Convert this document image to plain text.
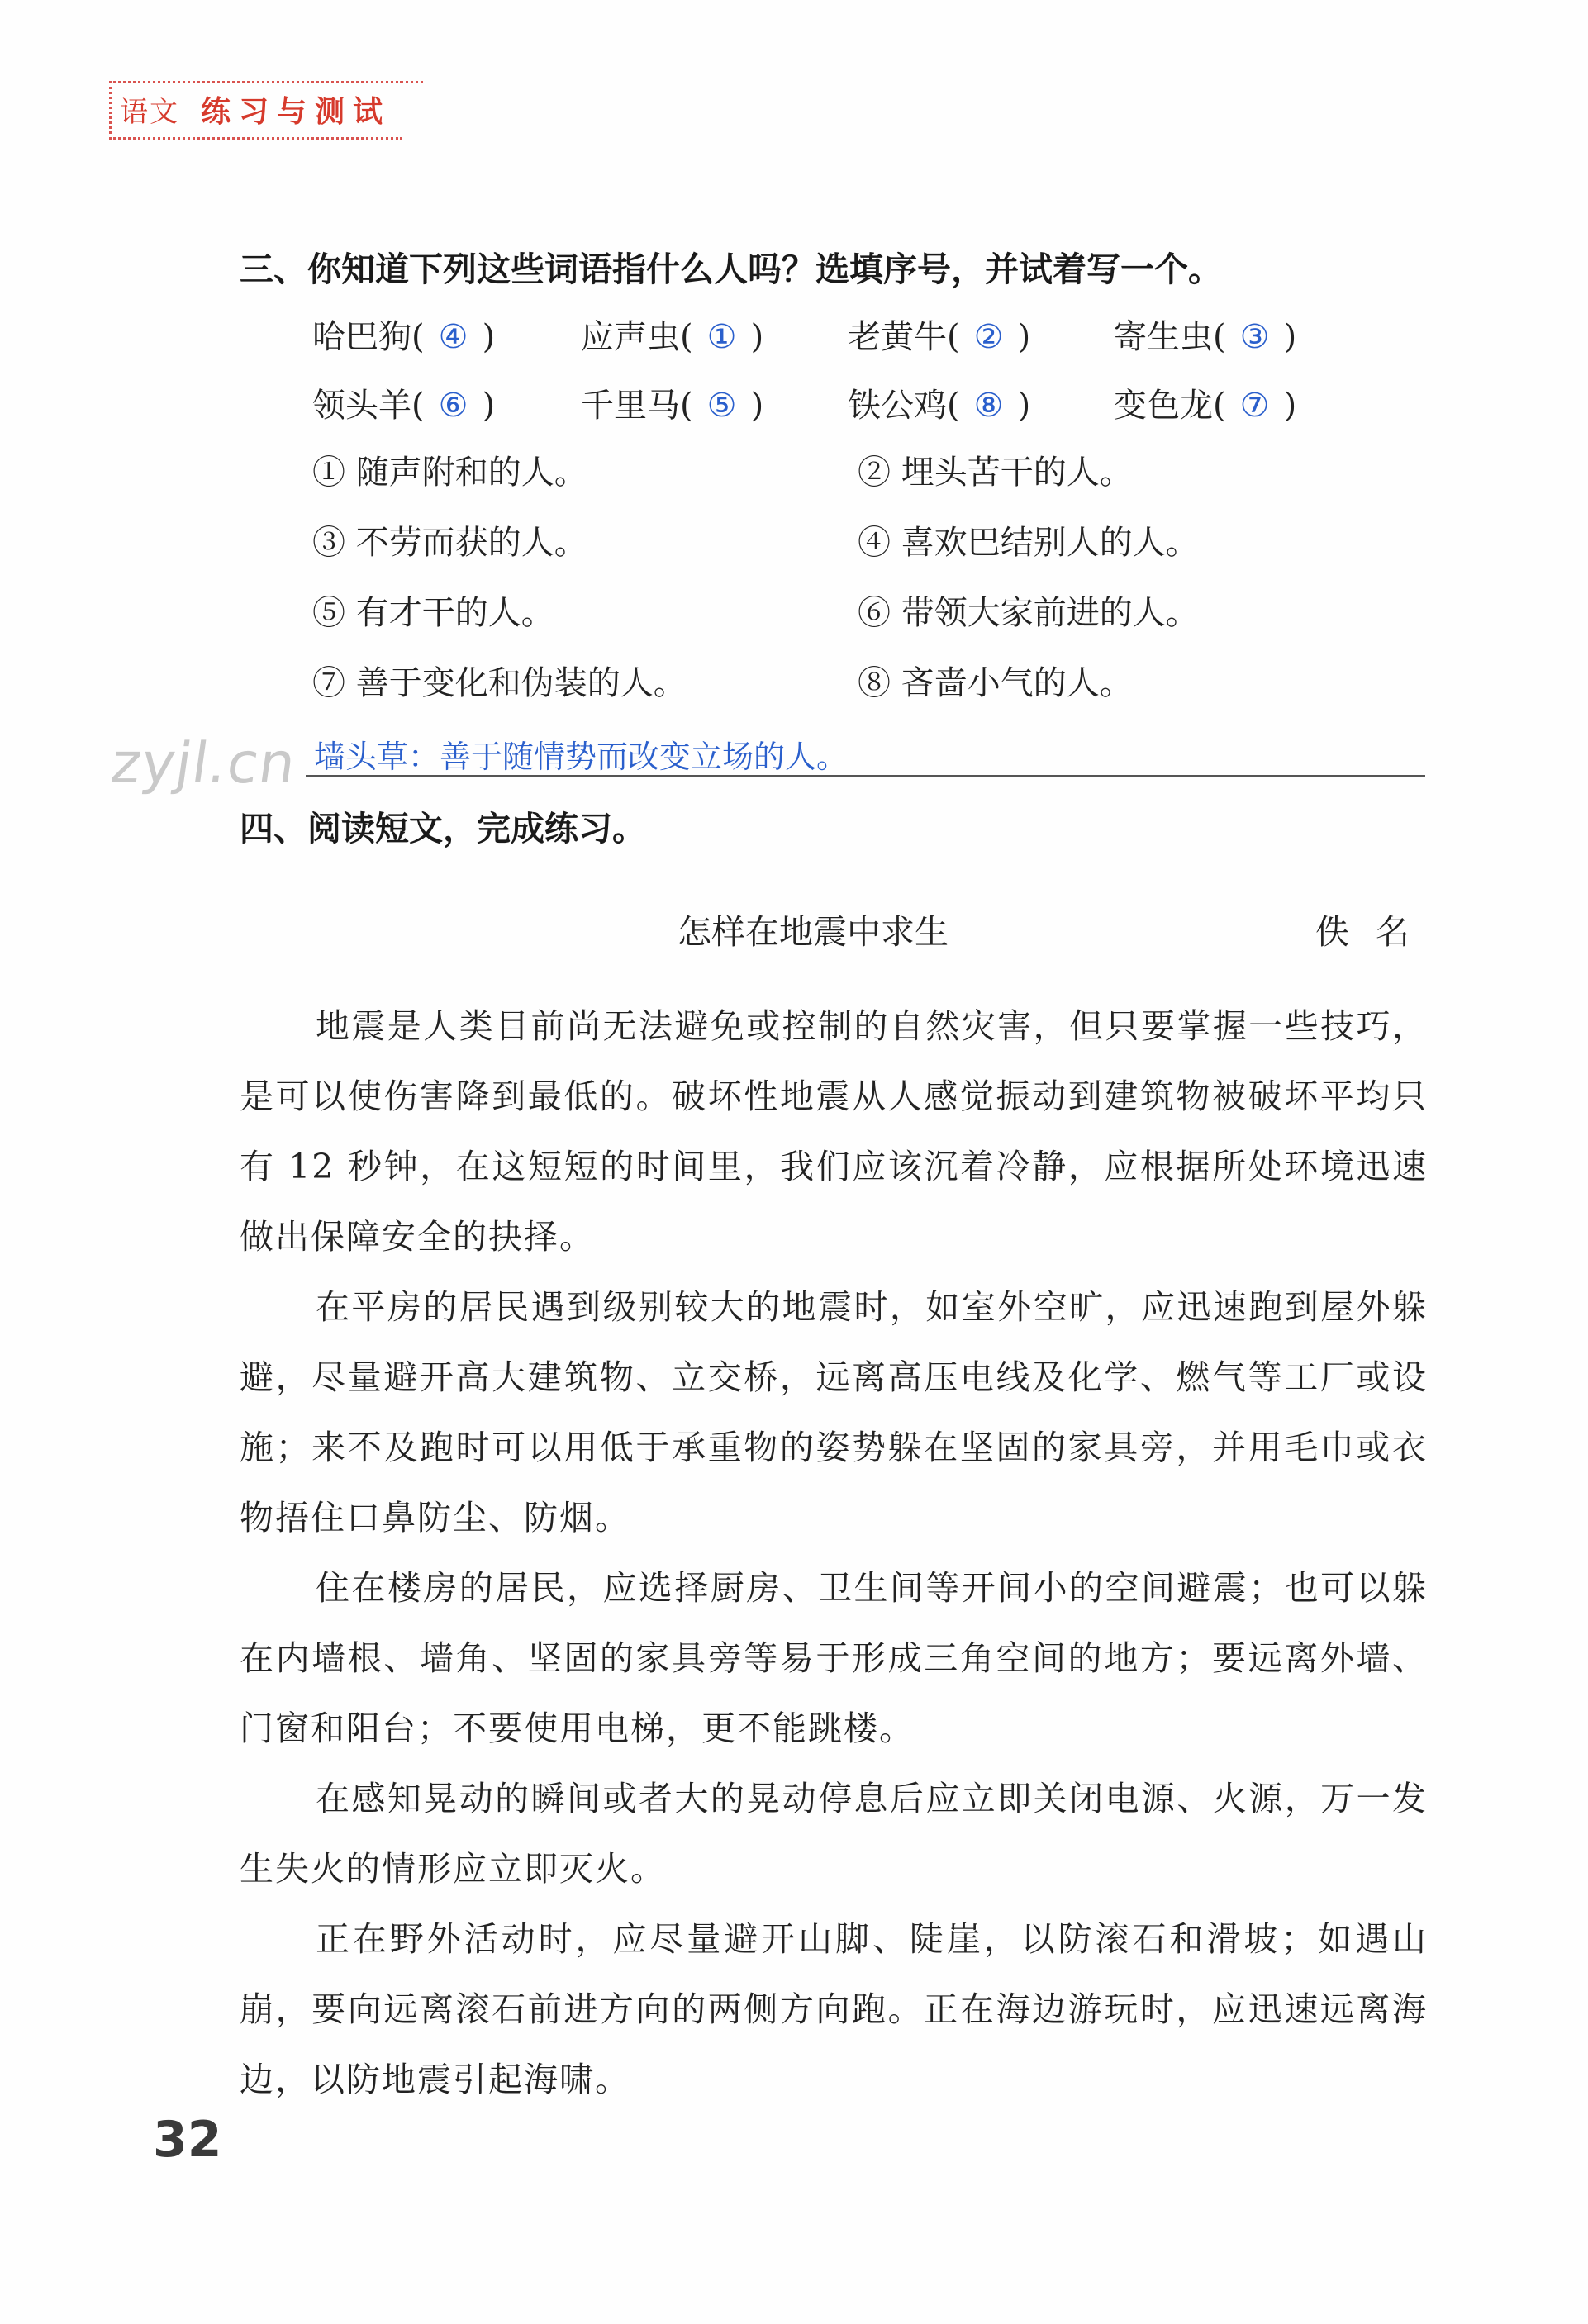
语文 练习与测试
三、你知道下列这些词语指什么人吗？选填序号，并试着写一个。
哈巴狗( ④ )	应声虫( ① )	老黄牛( ② )	寄生虫( ③ )
领头羊( ⑥ )	千里马( ⑤ )	铁公鸡( ⑧ )	变色龙( ⑦ )
① 随声附和的人。	② 埋头苦干的人。
③ 不劳而获的人。	④ 喜欢巴结别人的人。
⑤ 有才干的人。	⑥ 带领大家前进的人。
⑦ 善于变化和伪装的人。	⑧ 吝啬小气的人。
zyjl.cn 墙头草：善于随情势而改变立场的人。
四、阅读短文，完成练习。
怎样在地震中求生	佚名
地震是人类目前尚无法避免或控制的自然灾害，但只要掌握一些技巧，是可以使伤害降到最低的。破坏性地震从人感觉振动到建筑物被破坏平均只有 12 秒钟，在这短短的时间里，我们应该沉着冷静，应根据所处环境迅速做出保障安全的抉择。
在平房的居民遇到级别较大的地震时，如室外空旷，应迅速跑到屋外躲避，尽量避开高大建筑物、立交桥，远离高压电线及化学、燃气等工厂或设施；来不及跑时可以用低于承重物的姿势躲在坚固的家具旁，并用毛巾或衣物捂住口鼻防尘、防烟。
住在楼房的居民，应选择厨房、卫生间等开间小的空间避震；也可以躲在内墙根、墙角、坚固的家具旁等易于形成三角空间的地方；要远离外墙、门窗和阳台；不要使用电梯，更不能跳楼。
在感知晃动的瞬间或者大的晃动停息后应立即关闭电源、火源，万一发生失火的情形应立即灭火。
正在野外活动时，应尽量避开山脚、陡崖，以防滚石和滑坡；如遇山崩，要向远离滚石前进方向的两侧方向跑。正在海边游玩时，应迅速远离海边，以防地震引起海啸。
32
